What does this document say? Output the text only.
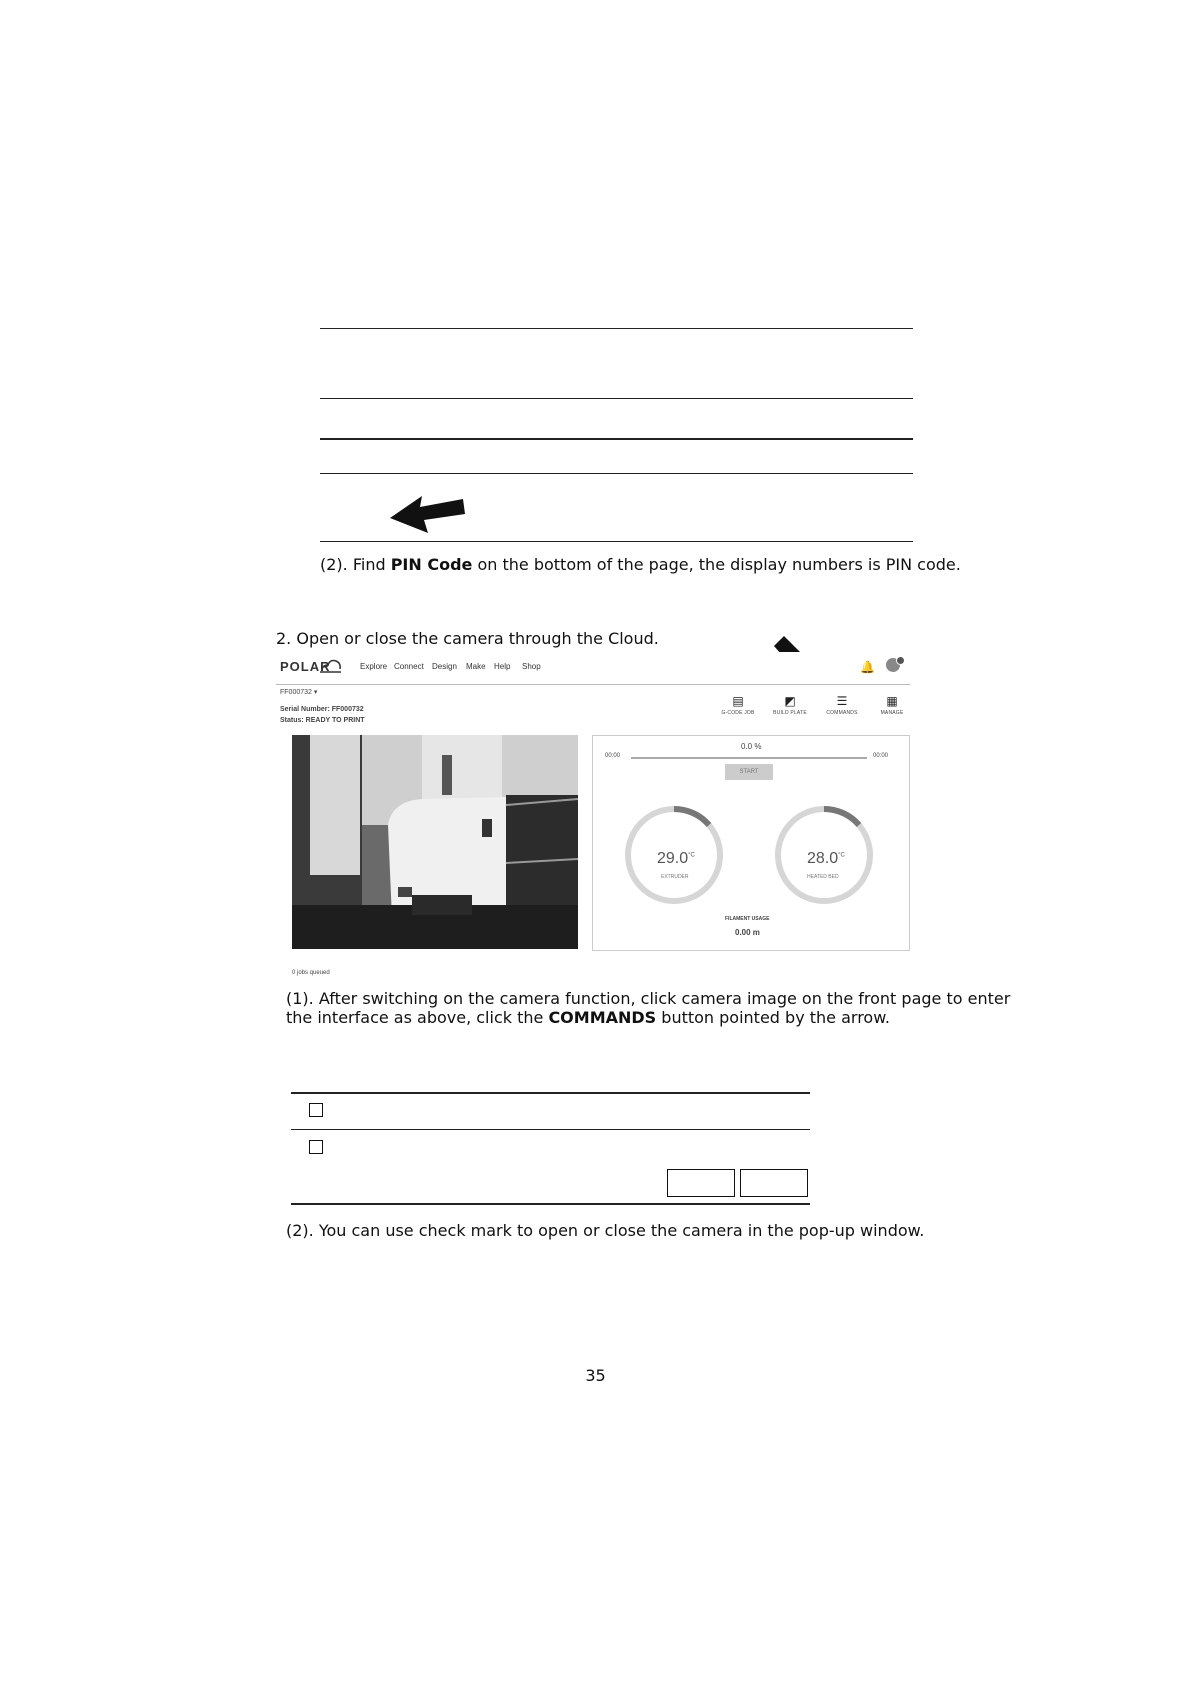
(2). Find PIN Code on the bottom of the page, the display numbers is PIN code.
2. Open or close the camera through the Cloud.
POLAR	Explore Connect Design Make Help Shop	🔔
FF000732 ▾
Serial Number: FF000732
Status: READY TO PRINT
▤
G-CODE JOB
◩
BUILD PLATE
☰
COMMANDS
▦
MANAGE
0.0 %
00:00	00:00
START
$29.0^{^\circ C}$
EXTRUDER
$28.0^{^\circ C}$
HEATED BED
FILAMENT USAGE
0.00 m
0 jobs queued
(1). After switching on the camera function, click camera image on the front page to enter
the interface as above, click the COMMANDS button pointed by the arrow.
(2). You can use check mark to open or close the camera in the pop-up window.
35
